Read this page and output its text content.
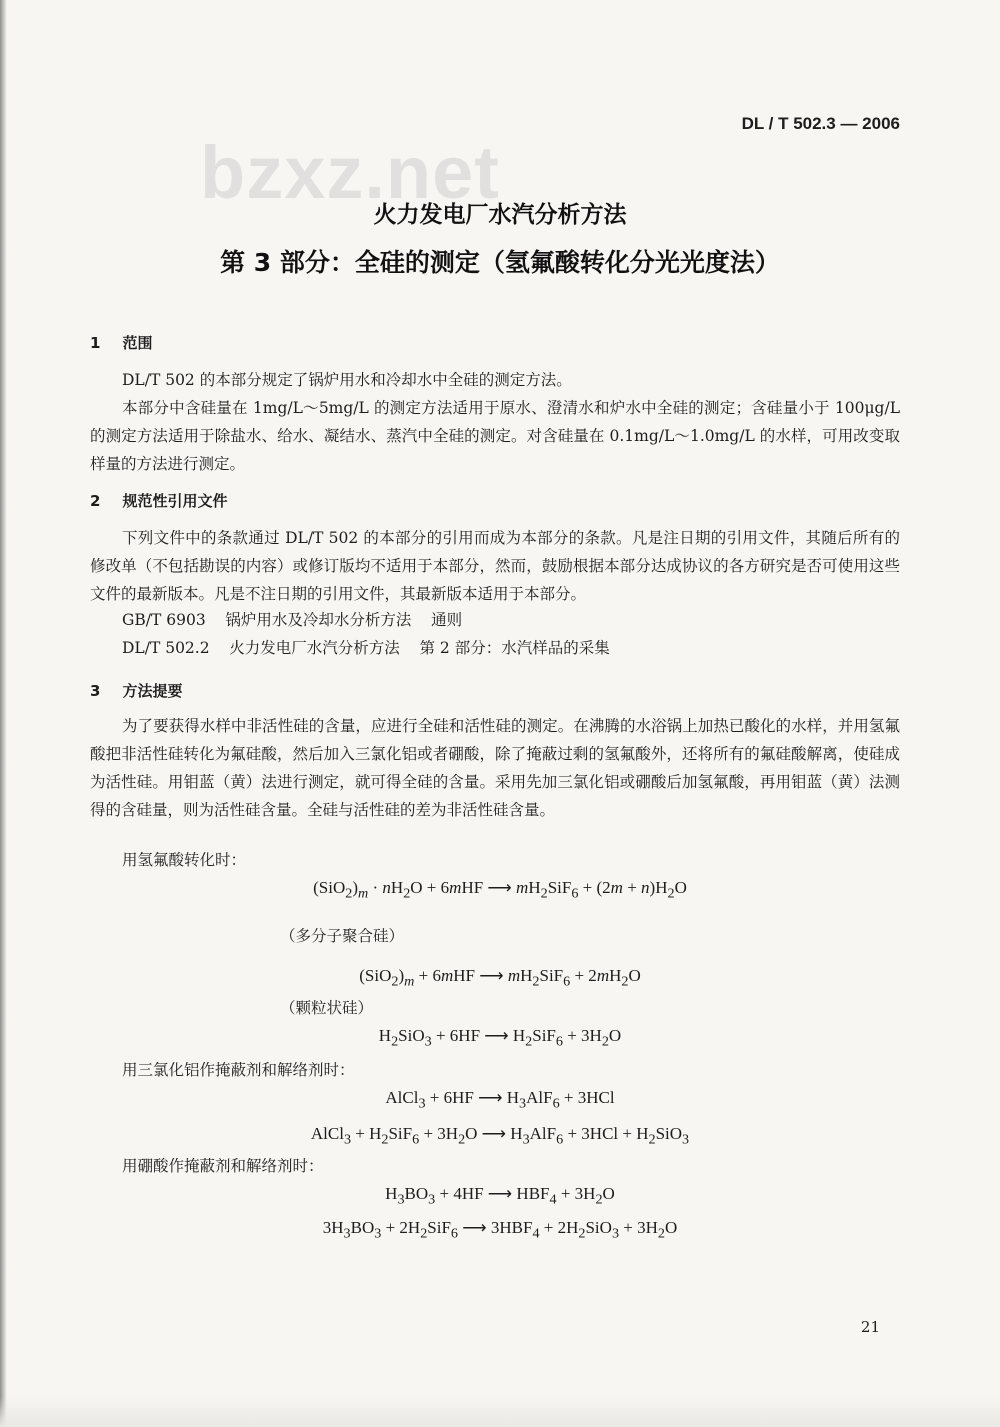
DL / T 502.3 — 2006
bzxz.net
火力发电厂水汽分析方法
第 3 部分：全硅的测定（氢氟酸转化分光光度法）
1 范围

DL/T 502 的本部分规定了锅炉用水和冷却水中全硅的测定方法。

本部分中含硅量在 1mg/L～5mg/L 的测定方法适用于原水、澄清水和炉水中全硅的测定；含硅量小于 100μg/L 的测定方法适用于除盐水、给水、凝结水、蒸汽中全硅的测定。对含硅量在 0.1mg/L～1.0mg/L 的水样，可用改变取样量的方法进行测定。

2 规范性引用文件

下列文件中的条款通过 DL/T 502 的本部分的引用而成为本部分的条款。凡是注日期的引用文件，其随后所有的修改单（不包括勘误的内容）或修订版均不适用于本部分，然而，鼓励根据本部分达成协议的各方研究是否可使用这些文件的最新版本。凡是不注日期的引用文件，其最新版本适用于本部分。

GB/T 6903    锅炉用水及冷却水分析方法    通则
DL/T 502.2    火力发电厂水汽分析方法    第 2 部分：水汽样品的采集
3 方法提要

为了要获得水样中非活性硅的含量，应进行全硅和活性硅的测定。在沸腾的水浴锅上加热已酸化的水样，并用氢氟酸把非活性硅转化为氟硅酸，然后加入三氯化铝或者硼酸，除了掩蔽过剩的氢氟酸外，还将所有的氟硅酸解离，使硅成为活性硅。用钼蓝（黄）法进行测定，就可得全硅的含量。采用先加三氯化铝或硼酸后加氢氟酸，再用钼蓝（黄）法测得的含硅量，则为活性硅含量。全硅与活性硅的差为非活性硅含量。

用氢氟酸转化时：
$(SiO_2)_m \cdot nH_2O + 6mHF$ ⟶ $mH_2SiF_6 + (2m + n)H_2O$
（多分子聚合硅）
$(SiO_2)_m + 6mHF$ ⟶ $mH_2SiF_6 + 2mH_2O$
（颗粒状硅）
$H_2SiO_3 + 6HF$ ⟶ $H_2SiF_6 + 3H_2O$
用三氯化铝作掩蔽剂和解络剂时：
AlCl$_3$ + 6HF ⟶ $H_3AlF_6 + 3HCl$
AlCl$_3$ + $H_2SiF_6 + 3H_2O$ ⟶ $H_3AlF_6 + 3HCl + H_2SiO_3$
用硼酸作掩蔽剂和解络剂时：
$H_3BO_3 + 4HF$ ⟶ $HBF_4 + 3H_2O$
$3H_3BO_3 + 2H_2SiF_6$ ⟶ $3HBF_4 + 2H_2SiO_3 + 3H_2O$
21
